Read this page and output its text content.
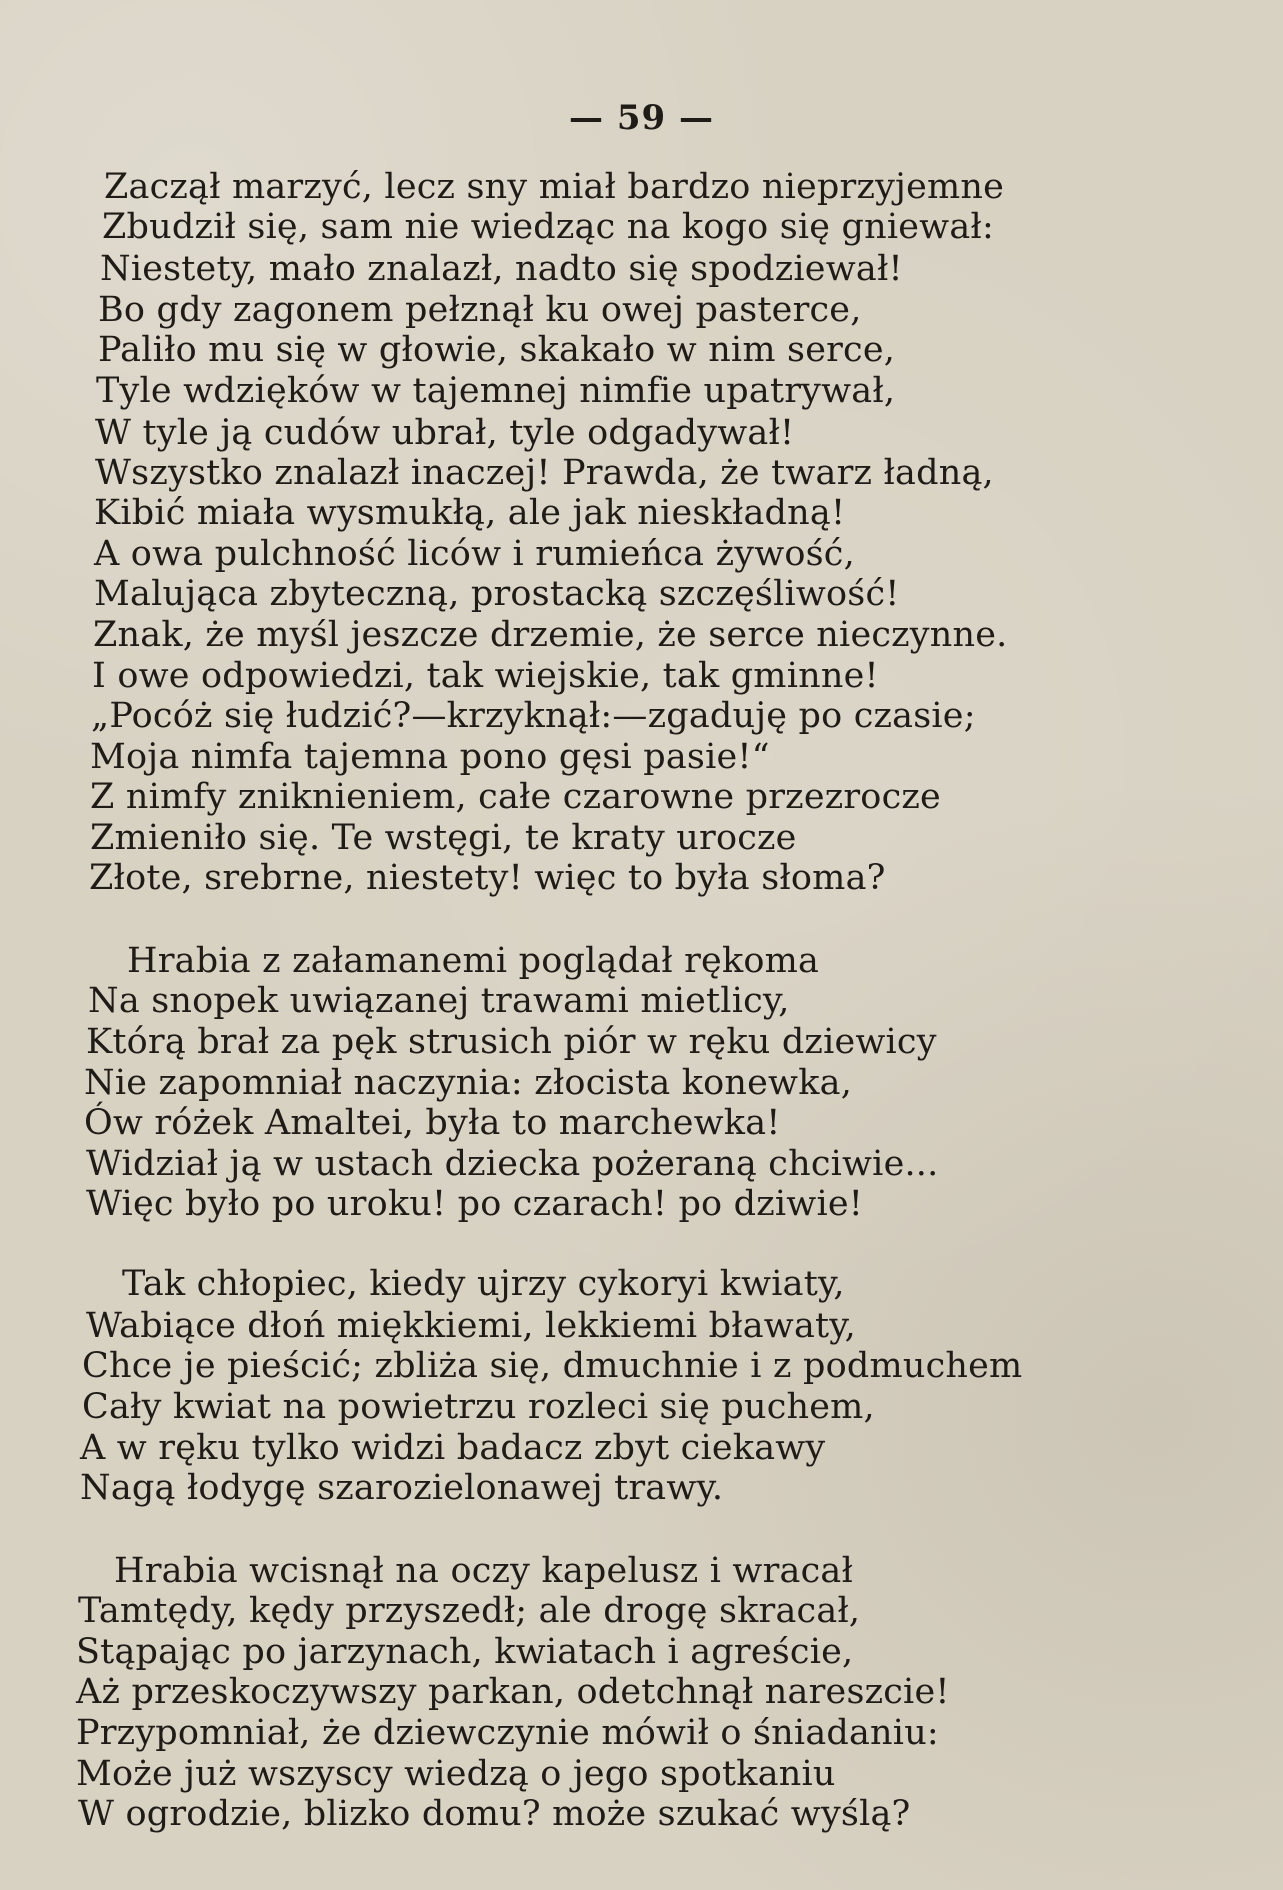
— 59 —
Zaczął marzyć, lecz sny miał bardzo nieprzyjemne
Zbudził się, sam nie wiedząc na kogo się gniewał:
Niestety, mało znalazł, nadto się spodziewał!
Bo gdy zagonem pełznął ku owej pasterce,
Paliło mu się w głowie, skakało w nim serce,
Tyle wdzięków w tajemnej nimfie upatrywał,
W tyle ją cudów ubrał, tyle odgadywał!
Wszystko znalazł inaczej! Prawda, że twarz ładną,
Kibić miała wysmukłą, ale jak nieskładną!
A owa pulchność liców i rumieńca żywość,
Malująca zbyteczną, prostacką szczęśliwość!
Znak, że myśl jeszcze drzemie, że serce nieczynne.
I owe odpowiedzi, tak wiejskie, tak gminne!
„Pocóż się łudzić?—krzyknął:—zgaduję po czasie;
Moja nimfa tajemna pono gęsi pasie!“
Z nimfy zniknieniem, całe czarowne przezrocze
Zmieniło się. Te wstęgi, te kraty urocze
Złote, srebrne, niestety! więc to była słoma?
Hrabia z załamanemi poglądał rękoma
Na snopek uwiązanej trawami mietlicy,
Którą brał za pęk strusich piór w ręku dziewicy
Nie zapomniał naczynia: złocista konewka,
Ów różek Amaltei, była to marchewka!
Widział ją w ustach dziecka pożeraną chciwie...
Więc było po uroku! po czarach! po dziwie!
Tak chłopiec, kiedy ujrzy cykoryi kwiaty,
Wabiące dłoń miękkiemi, lekkiemi bławaty,
Chce je pieścić; zbliża się, dmuchnie i z podmuchem
Cały kwiat na powietrzu rozleci się puchem,
A w ręku tylko widzi badacz zbyt ciekawy
Nagą łodygę szarozielonawej trawy.
Hrabia wcisnął na oczy kapelusz i wracał
Tamtędy, kędy przyszedł; ale drogę skracał,
Stąpając po jarzynach, kwiatach i agreście,
Aż przeskoczywszy parkan, odetchnął nareszcie!
Przypomniał, że dziewczynie mówił o śniadaniu:
Może już wszyscy wiedzą o jego spotkaniu
W ogrodzie, blizko domu? może szukać wyślą?
